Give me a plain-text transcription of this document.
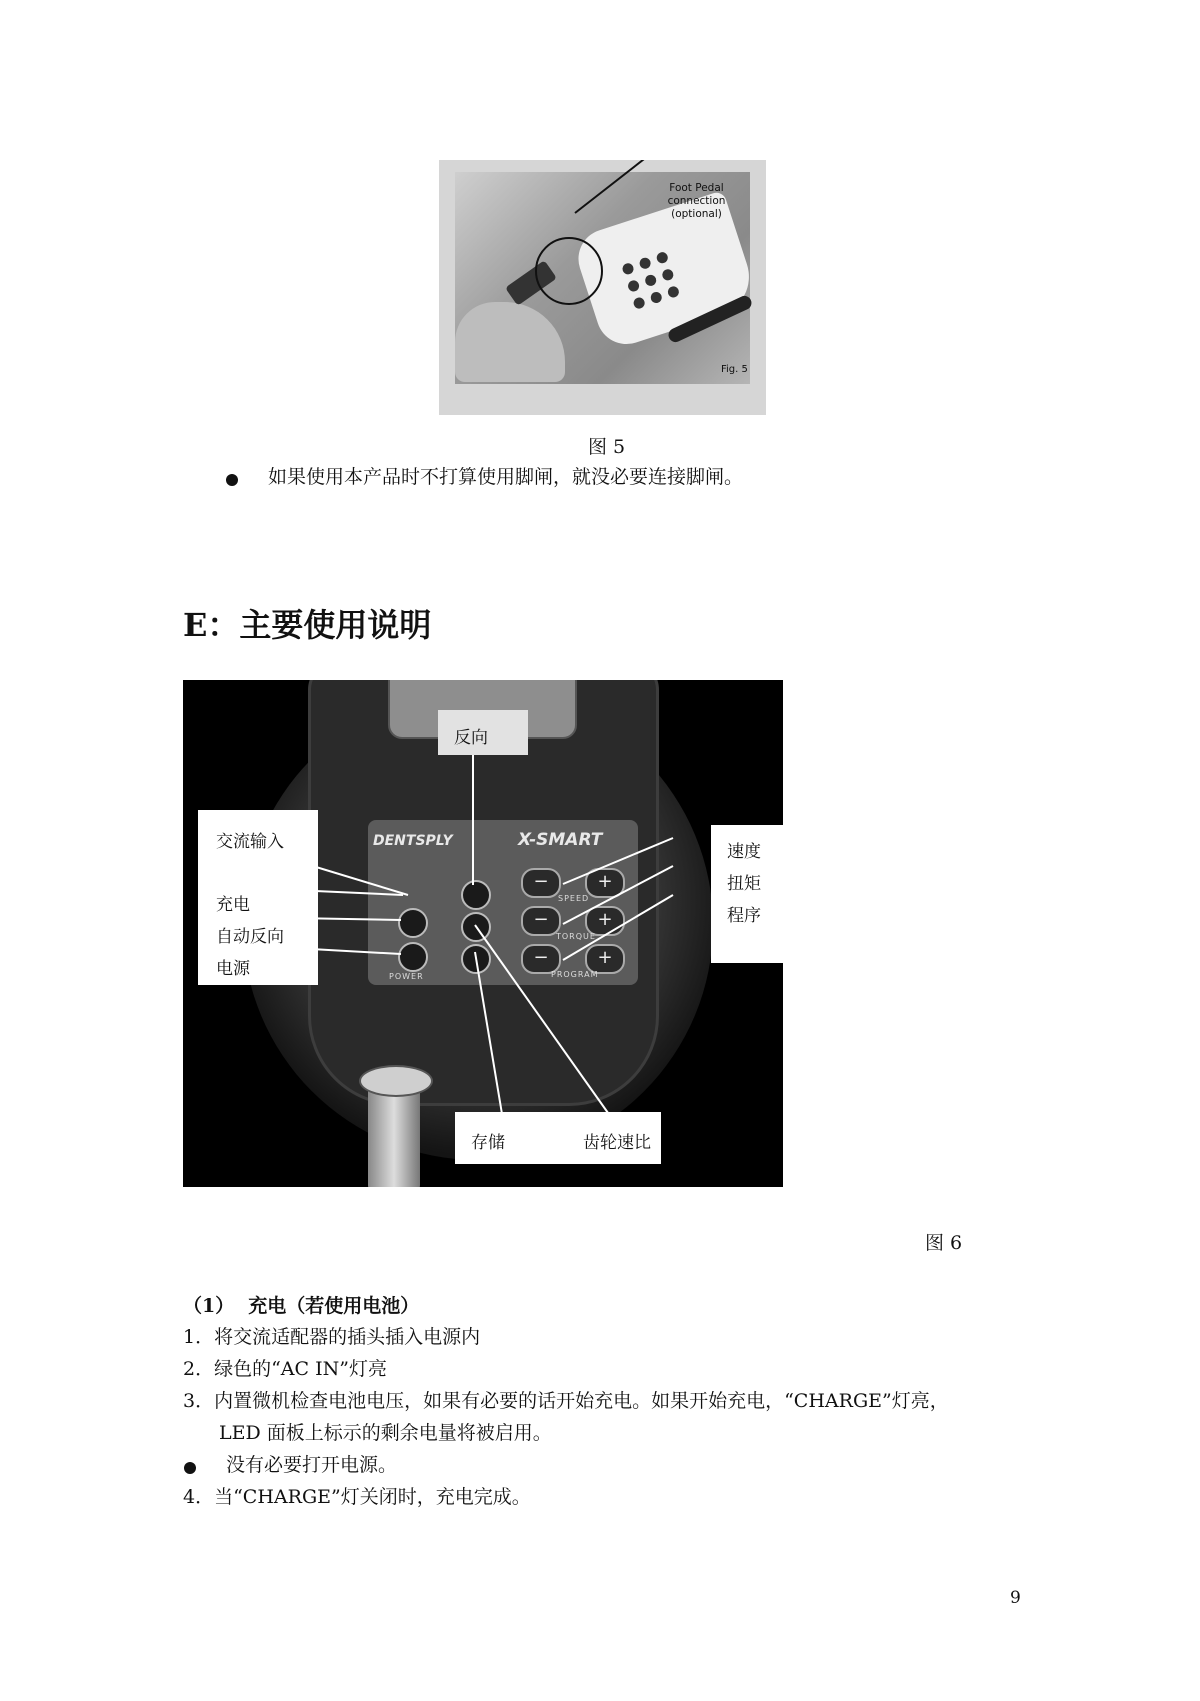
Foot Pedal
connection (optional)
Fig. 5
图 5
如果使用本产品时不打算使用脚闸，就没必要连接脚闸。
E：主要使用说明
DENTSPLY	X-SMART
POWER
−	+
SPEED
−	+
TORQUE
−	+
PROGRAM
反向
交流输入
充电
自动反向
电源
速度
扭矩
程序
存储	齿轮速比
图 6
（1） 充电（若使用电池）
1．将交流适配器的插头插入电源内
2．绿色的“AC IN”灯亮
3．内置微机检查电池电压，如果有必要的话开始充电。如果开始充电，“CHARGE”灯亮，
LED 面板上标示的剩余电量将被启用。
没有必要打开电源。
4．当“CHARGE”灯关闭时，充电完成。
9
